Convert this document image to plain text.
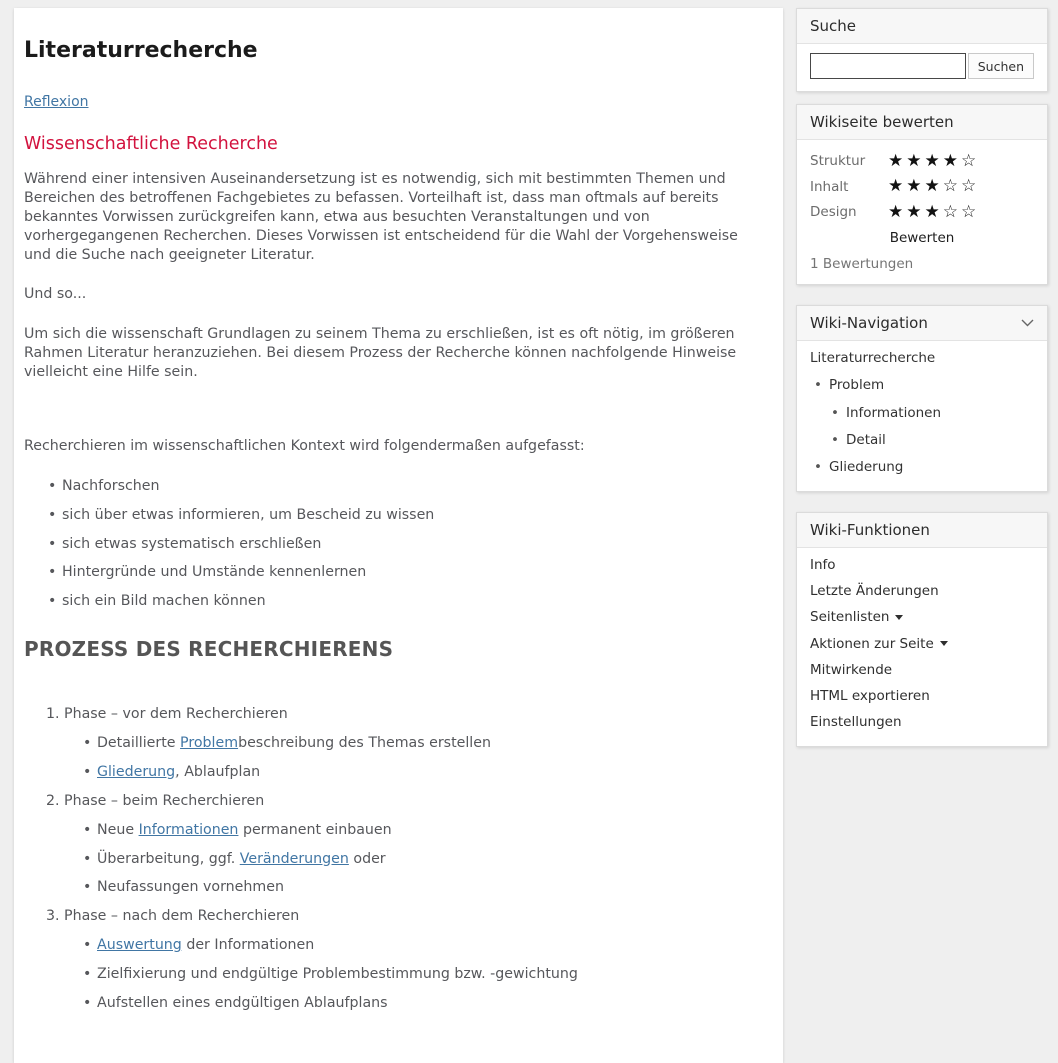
Literaturrecherche
Reflexion
Wissenschaftliche Recherche

Während einer intensiven Auseinandersetzung ist es notwendig, sich mit bestimmten Themen und Bereichen des betroffenen Fachgebietes zu befassen. Vorteilhaft ist, dass man oftmals auf bereits bekanntes Vorwissen zurückgreifen kann, etwa aus besuchten Veranstaltungen und von vorhergegangenen Recherchen. Dieses Vorwissen ist entscheidend für die Wahl der Vorgehensweise und die Suche nach geeigneter Literatur.

Und so...

Um sich die wissenschaft Grundlagen zu seinem Thema zu erschließen, ist es oft nötig, im größeren Rahmen Literatur heranzuziehen. Bei diesem Prozess der Recherche können nachfolgende Hinweise vielleicht eine Hilfe sein.

Recherchieren im wissenschaftlichen Kontext wird folgendermaßen aufgefasst:

• Nachforschen
• sich über etwas informieren, um Bescheid zu wissen
• sich etwas systematisch erschließen
• Hintergründe und Umstände kennenlernen
• sich ein Bild machen können
PROZESS DES RECHERCHIERENS
1. Phase – vor dem Recherchieren
• Detaillierte Problembeschreibung des Themas erstellen
• Gliederung, Ablaufplan
2. Phase – beim Recherchieren
• Neue Informationen permanent einbauen
• Überarbeitung, ggf. Veränderungen oder
• Neufassungen vornehmen
3. Phase – nach dem Recherchieren
• Auswertung der Informationen
• Zielfixierung und endgültige Problembestimmung bzw. -gewichtung
• Aufstellen eines endgültigen Ablaufplans
Suche
Suchen
Wikiseite bewerten
Struktur	★★★★☆
Inhalt	★★★☆☆
Design	★★★☆☆
Bewerten
1 Bewertungen
Wiki-Navigation
Literaturrecherche
• Problem
• Informationen
• Detail
• Gliederung
Wiki-Funktionen
Info
Letzte Änderungen
Seitenlisten
Aktionen zur Seite
Mitwirkende
HTML exportieren
Einstellungen
